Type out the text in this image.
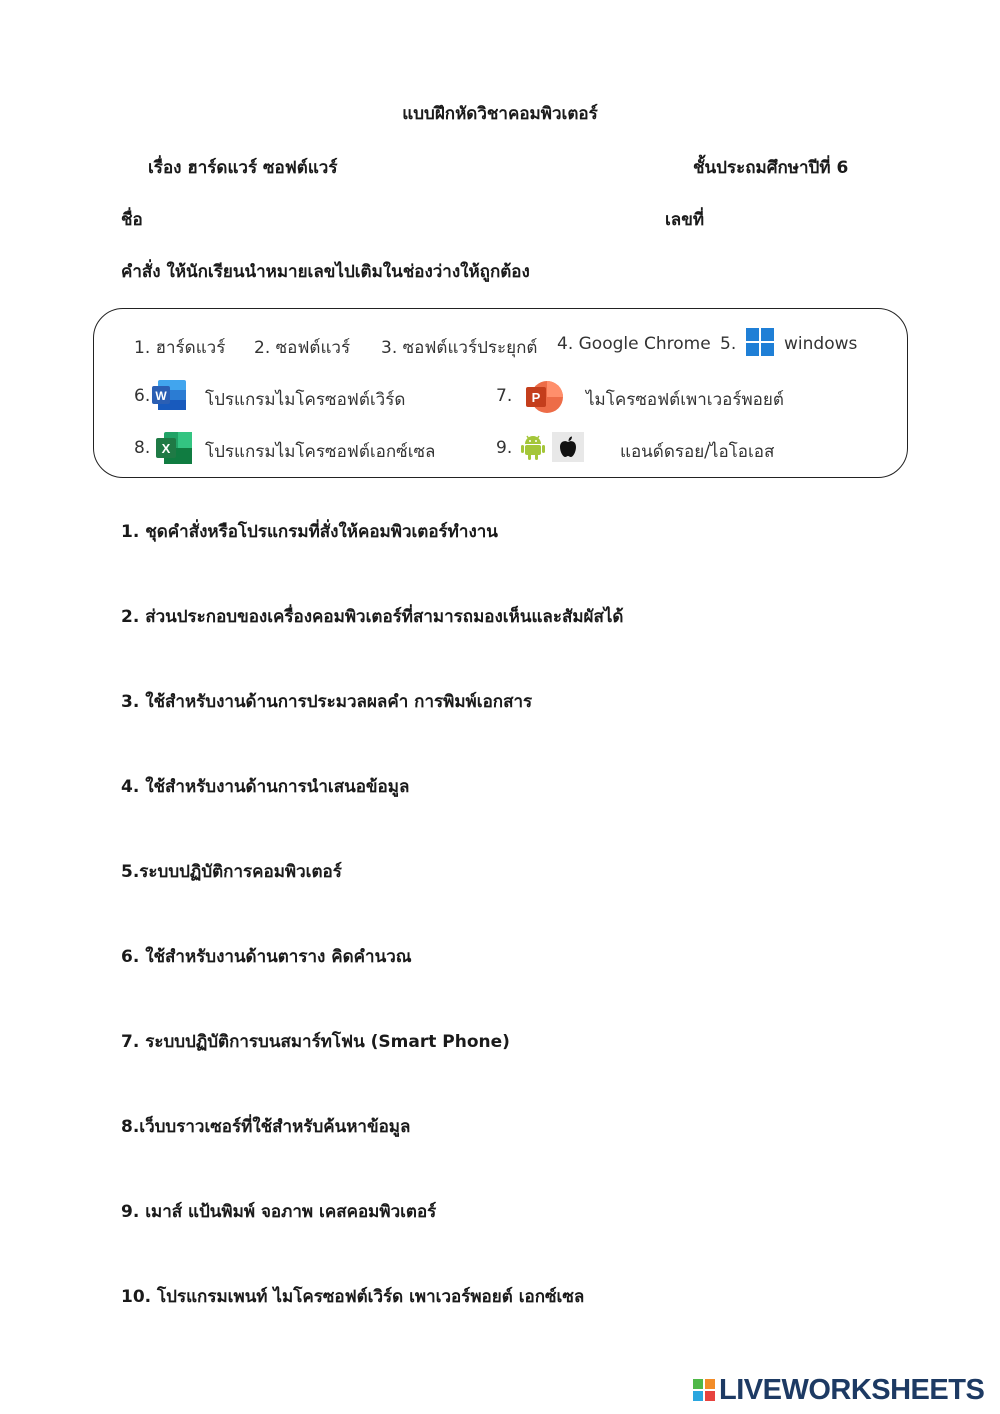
แบบฝึกหัดวิชาคอมพิวเตอร์
เรื่อง ฮาร์ดแวร์ ซอฟต์แวร์	ชั้นประถมศึกษาปีที่ 6
ชื่อ	เลขที่
คำสั่ง ให้นักเรียนนำหมายเลขไปเติมในช่องว่างให้ถูกต้อง
1. ฮาร์ดแวร์ 2. ซอฟต์แวร์ 3. ซอฟต์แวร์ประยุกต์ 4. Google Chrome 5.	windows
6. W โปรแกรมไมโครซอฟต์เวิร์ด	7. P	ไมโครซอฟต์เพาเวอร์พอยต์
8. X โปรแกรมไมโครซอฟต์เอกซ์เซล	9.	แอนด์ดรอย/ไอโอเอส
1. ชุดคำสั่งหรือโปรแกรมที่สั่งให้คอมพิวเตอร์ทำงาน
2. ส่วนประกอบของเครื่องคอมพิวเตอร์ที่สามารถมองเห็นและสัมผัสได้
3. ใช้สำหรับงานด้านการประมวลผลคำ การพิมพ์เอกสาร
4. ใช้สำหรับงานด้านการนำเสนอข้อมูล
5.ระบบปฏิบัติการคอมพิวเตอร์
6. ใช้สำหรับงานด้านตาราง คิดคำนวณ
7. ระบบปฏิบัติการบนสมาร์ทโฟน (Smart Phone)
8.เว็บบราวเซอร์ที่ใช้สำหรับค้นหาข้อมูล
9. เมาส์ แป้นพิมพ์ จอภาพ เคสคอมพิวเตอร์
10. โปรแกรมเพนท์ ไมโครซอฟต์เวิร์ด เพาเวอร์พอยต์ เอกซ์เซล
LIVEWORKSHEETS
